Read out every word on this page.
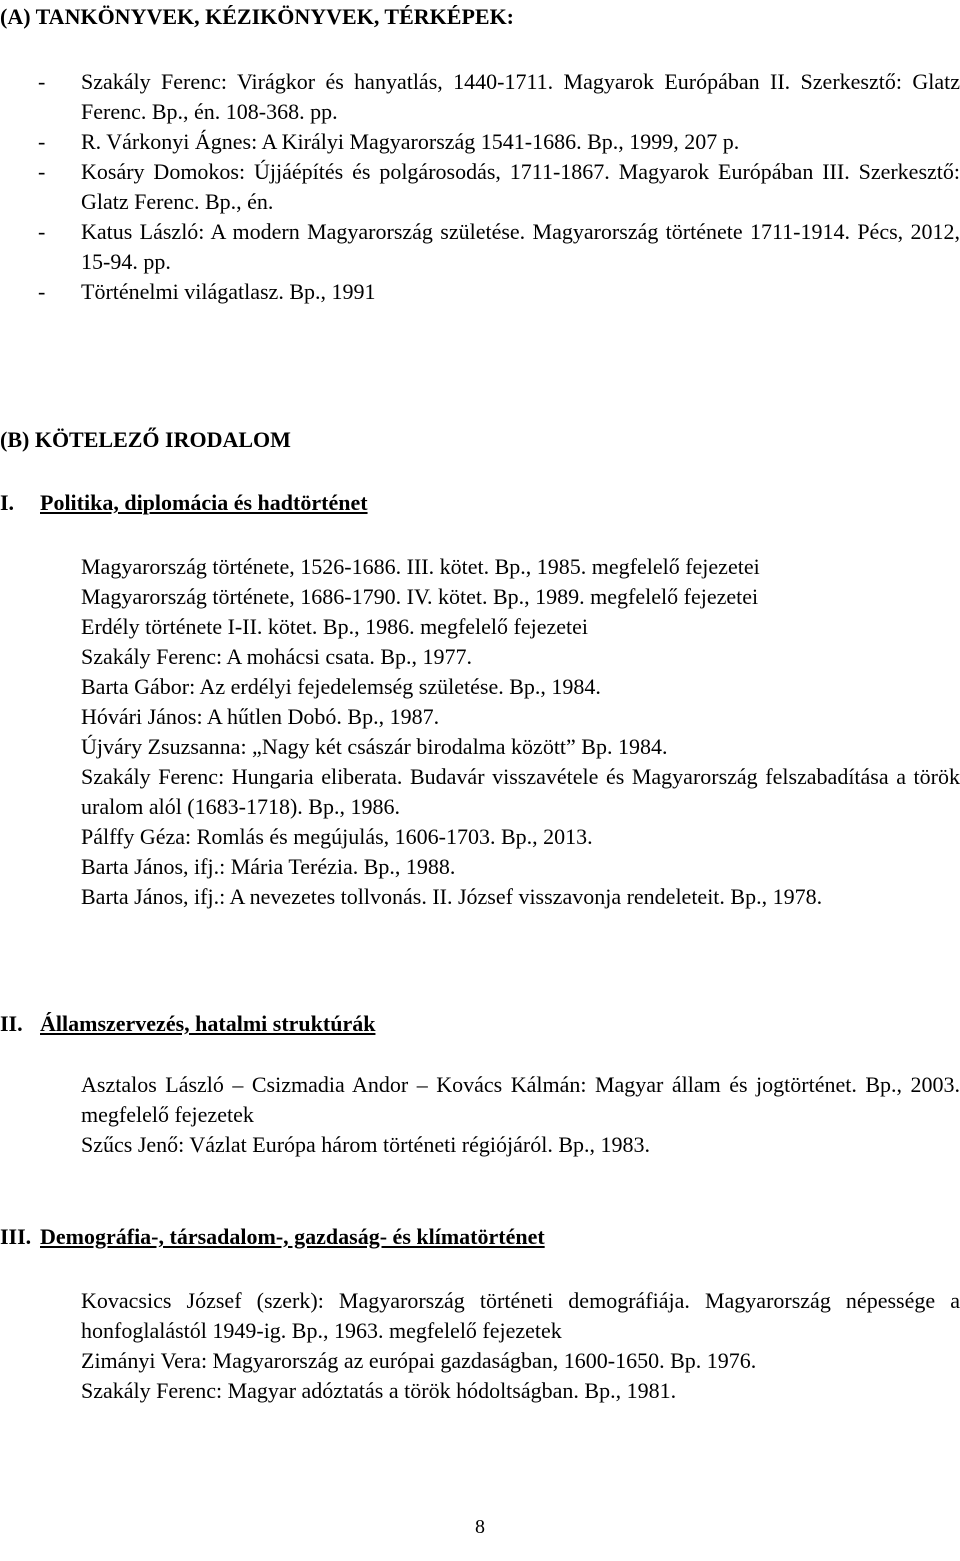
(A) TANKÖNYVEK, KÉZIKÖNYVEK, TÉRKÉPEK:
-	Szakály Ferenc: Virágkor és hanyatlás, 1440-1711. Magyarok Európában II. Szerkesztő: Glatz Ferenc. Bp., én. 108-368. pp.
-	R. Várkonyi Ágnes: A Királyi Magyarország 1541-1686. Bp., 1999, 207 p.
-	Kosáry Domokos: Újjáépítés és polgárosodás, 1711-1867. Magyarok Európában III. Szerkesztő: Glatz Ferenc. Bp., én.
-	Katus László: A modern Magyarország születése. Magyarország története 1711-1914. Pécs, 2012, 15-94. pp.
-	Történelmi világatlasz. Bp., 1991
(B) KÖTELEZŐ IRODALOM
I. Politika, diplomácia és hadtörténet
Magyarország története, 1526-1686. III. kötet. Bp., 1985. megfelelő fejezetei
Magyarország története, 1686-1790. IV. kötet. Bp., 1989. megfelelő fejezetei
Erdély története I-II. kötet. Bp., 1986. megfelelő fejezetei
Szakály Ferenc: A mohácsi csata. Bp., 1977.
Barta Gábor: Az erdélyi fejedelemség születése. Bp., 1984.
Hóvári János: A hűtlen Dobó. Bp., 1987.
Újváry Zsuzsanna: „Nagy két császár birodalma között” Bp. 1984.
Szakály Ferenc: Hungaria eliberata. Budavár visszavétele és Magyarország felszabadítása a török uralom alól (1683-1718). Bp., 1986.
Pálffy Géza: Romlás és megújulás, 1606-1703. Bp., 2013.
Barta János, ifj.: Mária Terézia. Bp., 1988.
Barta János, ifj.: A nevezetes tollvonás. II. József visszavonja rendeleteit. Bp., 1978.
II. Államszervezés, hatalmi struktúrák
Asztalos László – Csizmadia Andor – Kovács Kálmán: Magyar állam és jogtörténet. Bp., 2003. megfelelő fejezetek
Szűcs Jenő: Vázlat Európa három történeti régiójáról. Bp., 1983.
III. Demográfia-, társadalom-, gazdaság- és klímatörténet
Kovacsics József (szerk): Magyarország történeti demográfiája. Magyarország népessége a honfoglalástól 1949-ig. Bp., 1963. megfelelő fejezetek
Zimányi Vera: Magyarország az európai gazdaságban, 1600-1650. Bp. 1976.
Szakály Ferenc: Magyar adóztatás a török hódoltságban. Bp., 1981.
8
